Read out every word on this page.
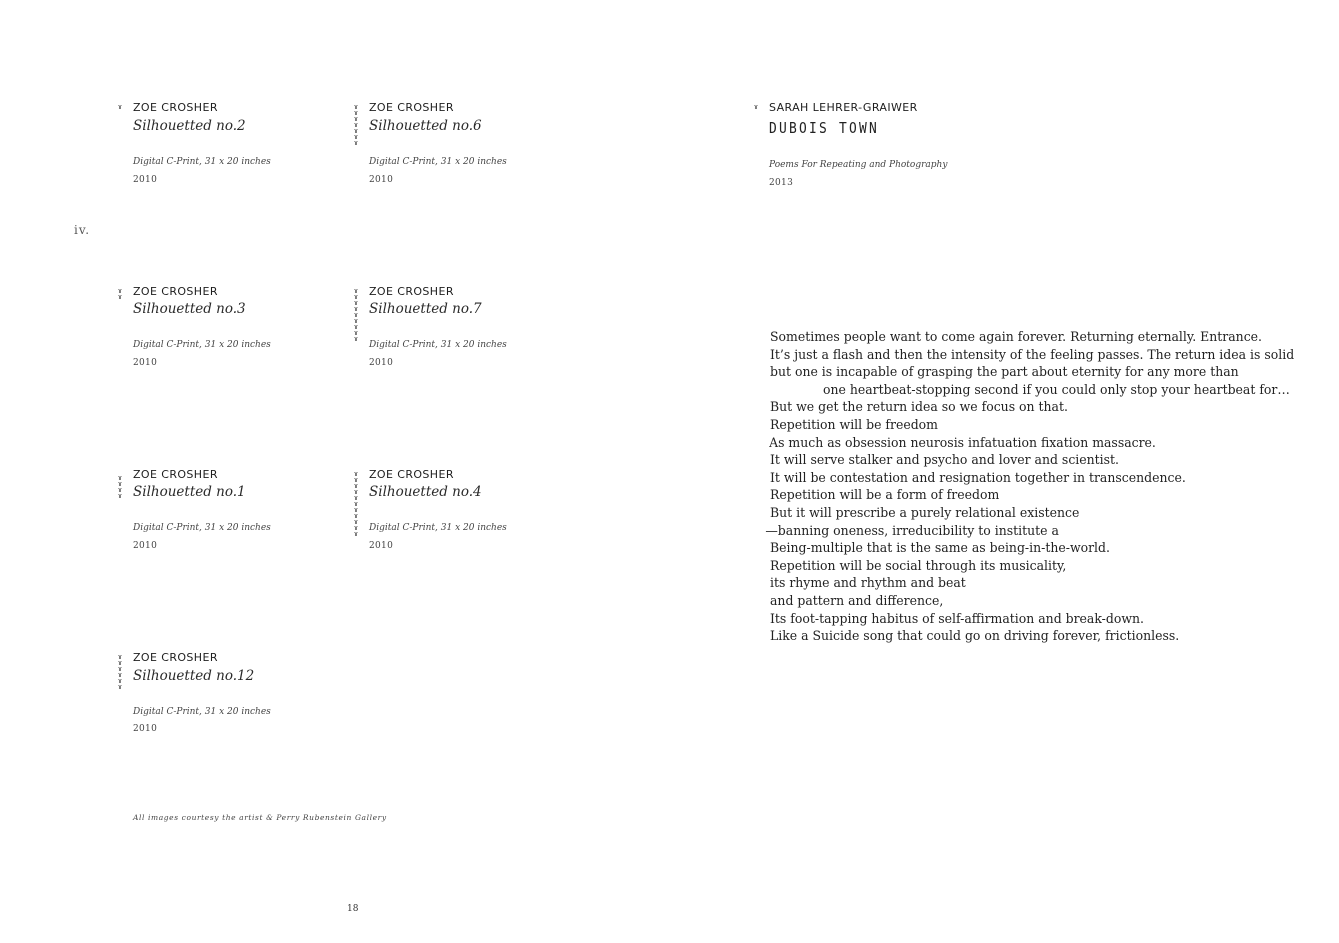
iv.
ɤ ZOE CROSHER
Silhouetted no.2
Digital C-Print, 31 x 20 inches
2010
ɤ
ɤ
ɤ
ɤ
ɤ
ɤ
ɤ
ZOE CROSHER
Silhouetted no.6
Digital C-Print, 31 x 20 inches
2010
ɤ
ɤ ZOE CROSHER
Silhouetted no.3
Digital C-Print, 31 x 20 inches
2010
ɤ
ɤ
ɤ
ɤ
ɤ
ɤ
ɤ
ɤ
ɤ
ZOE CROSHER
Silhouetted no.7
Digital C-Print, 31 x 20 inches
2010
ɤ
ɤ
ɤ
ɤ
ZOE CROSHER
Silhouetted no.1
Digital C-Print, 31 x 20 inches
2010
ɤ
ɤ
ɤ
ɤ
ɤ
ɤ
ɤ
ɤ
ɤ
ɤ
ɤ
ZOE CROSHER
Silhouetted no.4
Digital C-Print, 31 x 20 inches
2010
ɤ
ɤ
ɤ
ɤ
ɤ
ɤ
ZOE CROSHER
Silhouetted no.12
Digital C-Print, 31 x 20 inches
2010
All images courtesy the artist & Perry Rubenstein Gallery
18
ɤ SARAH LEHRER-GRAIWER
DUBOIS TOWN
Poems For Repeating and Photography
2013
Sometimes people want to come again forever. Returning eternally. Entrance.
It’s just a flash and then the intensity of the feeling passes. The return idea is solid
but one is incapable of grasping the part about eternity for any more than
one heartbeat-stopping second if you could only stop your heartbeat for…
But we get the return idea so we focus on that.
Repetition will be freedom
As much as obsession neurosis infatuation fixation massacre.
It will serve stalker and psycho and lover and scientist.
It will be contestation and resignation together in transcendence.
Repetition will be a form of freedom
But it will prescribe a purely relational existence
—banning oneness, irreducibility to institute a
Being-multiple that is the same as being-in-the-world.
Repetition will be social through its musicality,
its rhyme and rhythm and beat
and pattern and difference,
Its foot-tapping habitus of self-affirmation and break-down.
Like a Suicide song that could go on driving forever, frictionless.
